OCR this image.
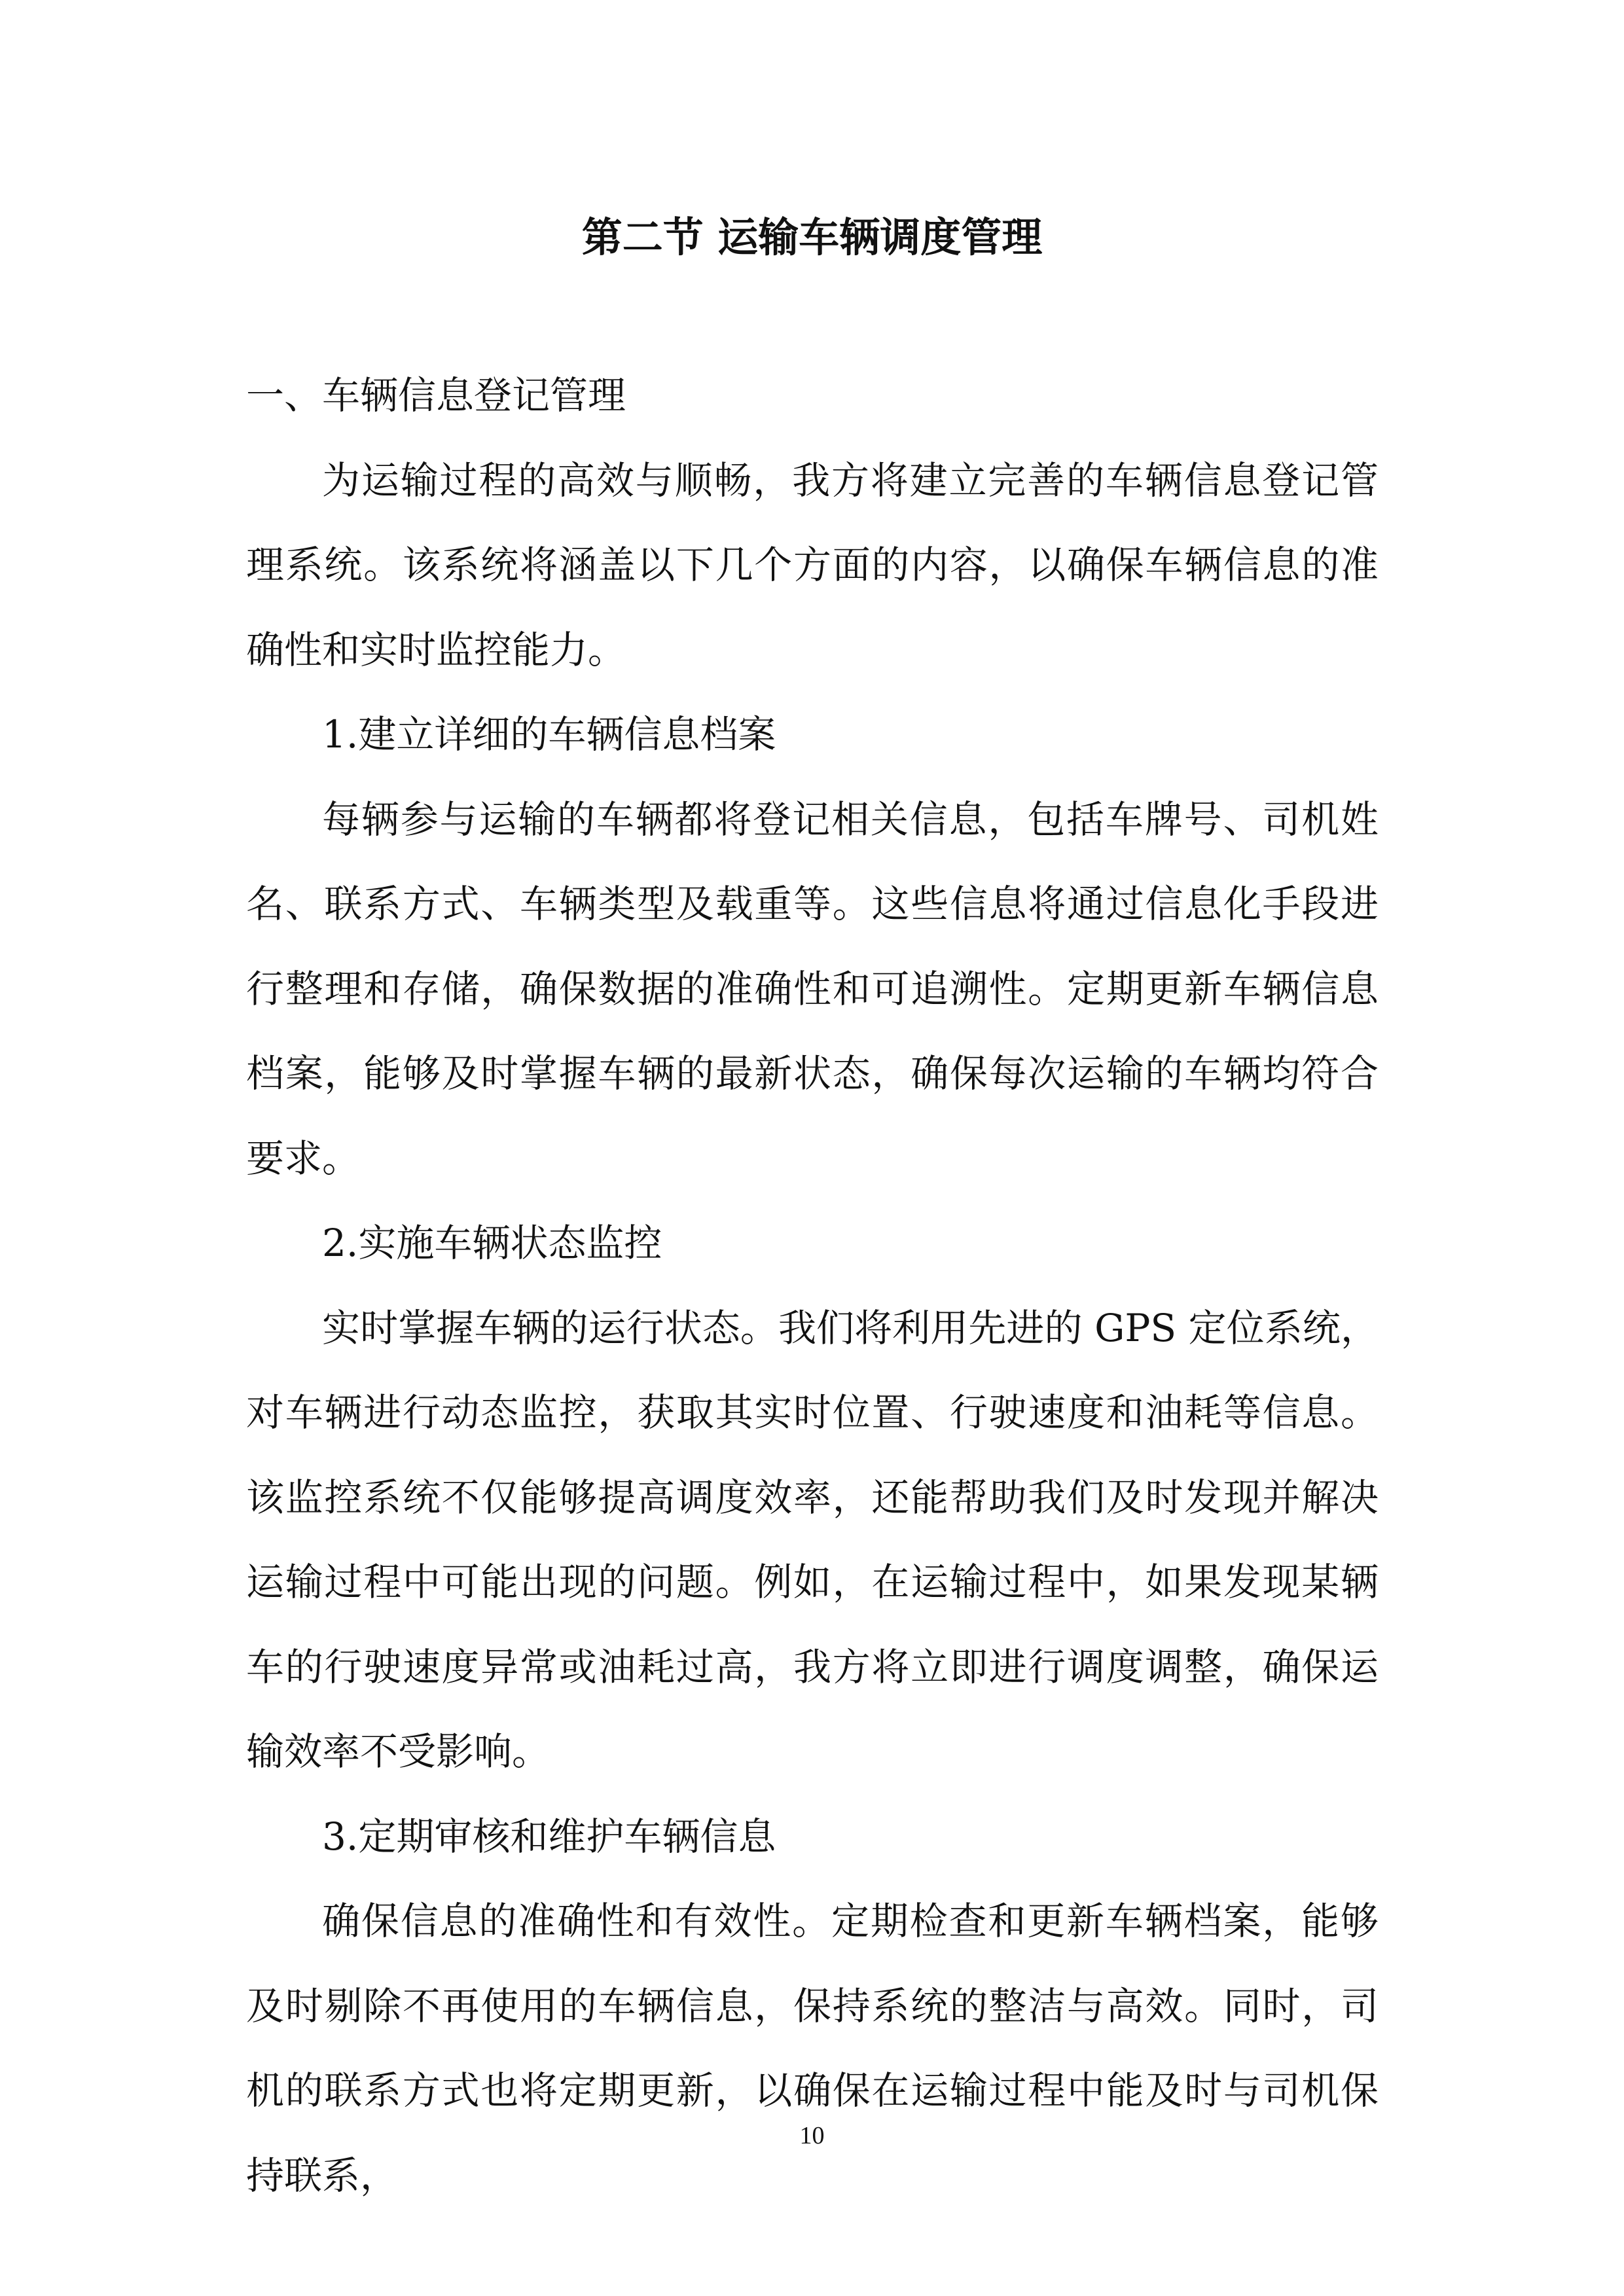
第二节 运输车辆调度管理

一、车辆信息登记管理

为运输过程的高效与顺畅，我方将建立完善的车辆信息登记管理系统。该系统将涵盖以下几个方面的内容，以确保车辆信息的准确性和实时监控能力。

1.建立详细的车辆信息档案

每辆参与运输的车辆都将登记相关信息，包括车牌号、司机姓名、联系方式、车辆类型及载重等。这些信息将通过信息化手段进行整理和存储，确保数据的准确性和可追溯性。定期更新车辆信息档案，能够及时掌握车辆的最新状态，确保每次运输的车辆均符合要求。

2.实施车辆状态监控

实时掌握车辆的运行状态。我们将利用先进的 GPS 定位系统，对车辆进行动态监控，获取其实时位置、行驶速度和油耗等信息。该监控系统不仅能够提高调度效率，还能帮助我们及时发现并解决运输过程中可能出现的问题。例如，在运输过程中，如果发现某辆车的行驶速度异常或油耗过高，我方将立即进行调度调整，确保运输效率不受影响。

3.定期审核和维护车辆信息

确保信息的准确性和有效性。定期检查和更新车辆档案，能够及时剔除不再使用的车辆信息，保持系统的整洁与高效。同时，司机的联系方式也将定期更新，以确保在运输过程中能及时与司机保持联系，

10
